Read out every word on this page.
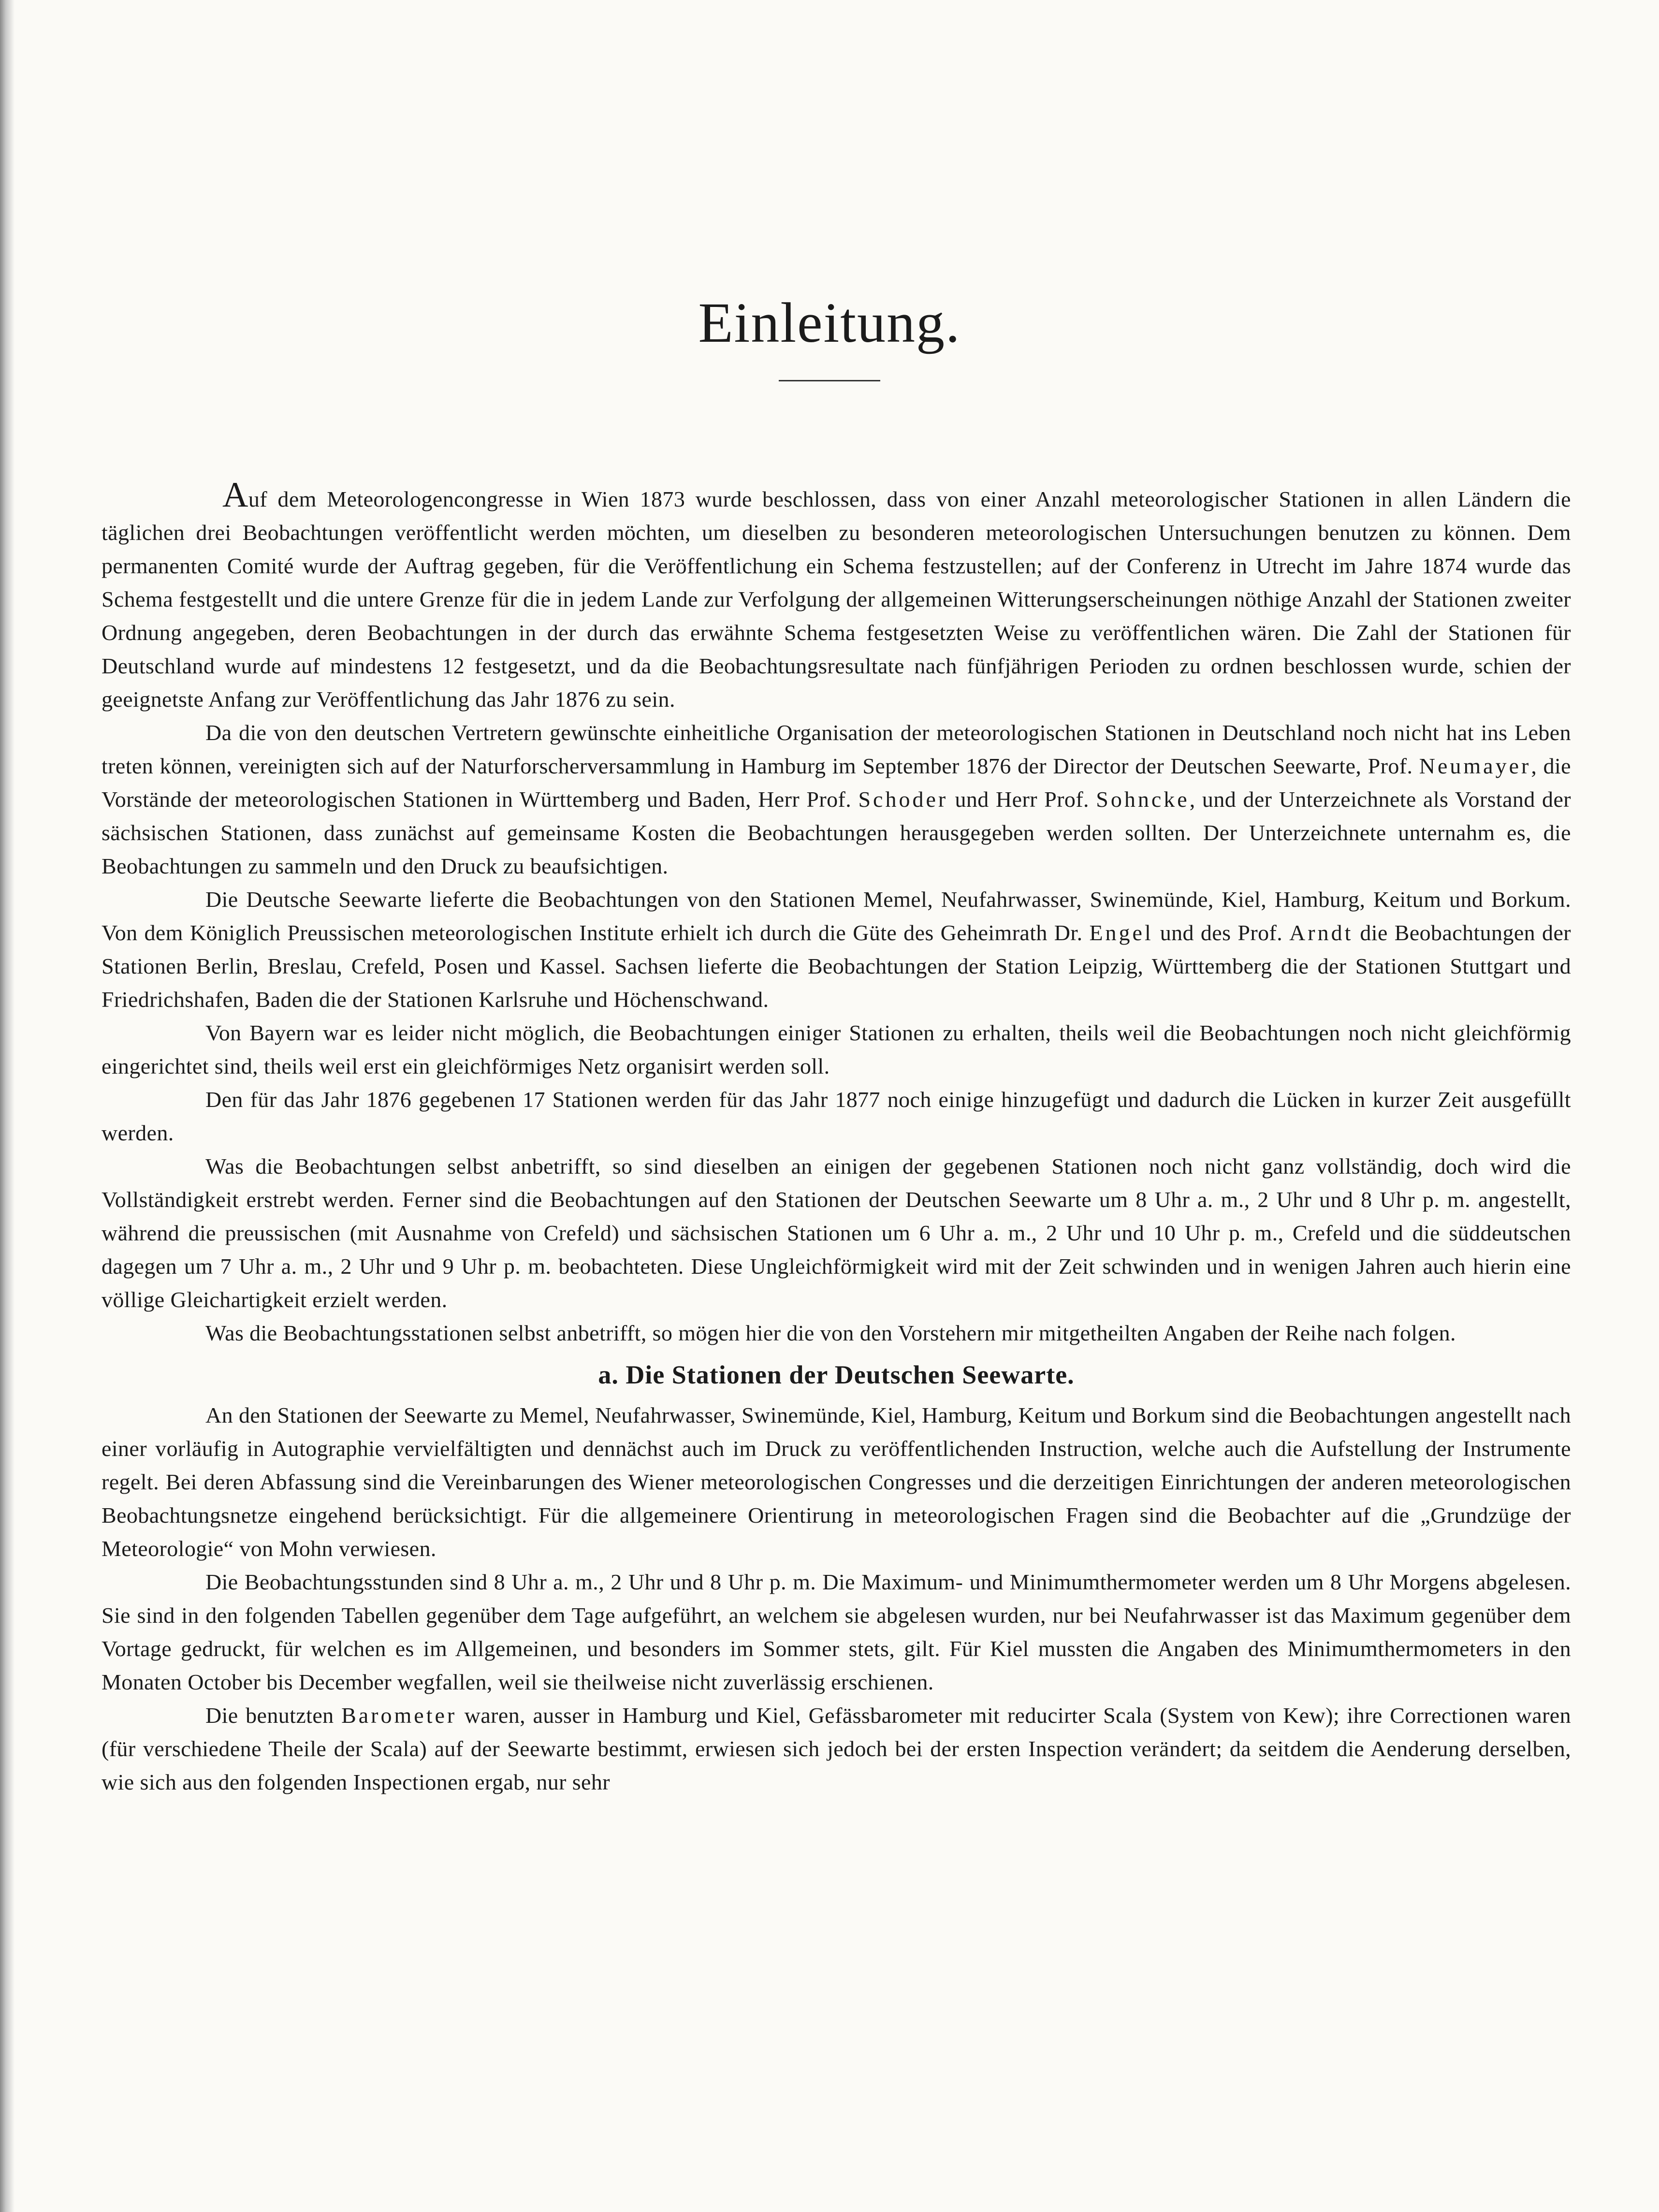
Einleitung.

Auf dem Meteorologencongresse in Wien 1873 wurde beschlossen, dass von einer Anzahl meteorologischer Stationen in allen Ländern die täglichen drei Beobachtungen veröffentlicht werden möchten, um dieselben zu besonderen meteorologischen Untersuchungen benutzen zu können. Dem permanenten Comité wurde der Auftrag gegeben, für die Veröffentlichung ein Schema festzustellen; auf der Conferenz in Utrecht im Jahre 1874 wurde das Schema festgestellt und die untere Grenze für die in jedem Lande zur Verfolgung der allgemeinen Witterungserscheinungen nöthige Anzahl der Stationen zweiter Ordnung angegeben, deren Beobachtungen in der durch das erwähnte Schema festgesetzten Weise zu veröffentlichen wären. Die Zahl der Stationen für Deutschland wurde auf mindestens 12 festgesetzt, und da die Beobachtungsresultate nach fünfjährigen Perioden zu ordnen beschlossen wurde, schien der geeignetste Anfang zur Veröffentlichung das Jahr 1876 zu sein.

Da die von den deutschen Vertretern gewünschte einheitliche Organisation der meteorologischen Stationen in Deutschland noch nicht hat ins Leben treten können, vereinigten sich auf der Naturforscherversammlung in Hamburg im September 1876 der Director der Deutschen Seewarte, Prof. Neumayer, die Vorstände der meteorologischen Stationen in Württemberg und Baden, Herr Prof. Schoder und Herr Prof. Sohncke, und der Unterzeichnete als Vorstand der sächsischen Stationen, dass zunächst auf gemeinsame Kosten die Beobachtungen herausgegeben werden sollten. Der Unterzeichnete unternahm es, die Beobachtungen zu sammeln und den Druck zu beaufsichtigen.

Die Deutsche Seewarte lieferte die Beobachtungen von den Stationen Memel, Neufahrwasser, Swinemünde, Kiel, Hamburg, Keitum und Borkum. Von dem Königlich Preussischen meteorologischen Institute erhielt ich durch die Güte des Geheimrath Dr. Engel und des Prof. Arndt die Beobachtungen der Stationen Berlin, Breslau, Crefeld, Posen und Kassel. Sachsen lieferte die Beobachtungen der Station Leipzig, Württemberg die der Stationen Stuttgart und Friedrichshafen, Baden die der Stationen Karlsruhe und Höchenschwand.

Von Bayern war es leider nicht möglich, die Beobachtungen einiger Stationen zu erhalten, theils weil die Beobachtungen noch nicht gleichförmig eingerichtet sind, theils weil erst ein gleichförmiges Netz organisirt werden soll.

Den für das Jahr 1876 gegebenen 17 Stationen werden für das Jahr 1877 noch einige hinzugefügt und dadurch die Lücken in kurzer Zeit ausgefüllt werden.

Was die Beobachtungen selbst anbetrifft, so sind dieselben an einigen der gegebenen Stationen noch nicht ganz vollständig, doch wird die Vollständigkeit erstrebt werden. Ferner sind die Beobachtungen auf den Stationen der Deutschen Seewarte um 8 Uhr a. m., 2 Uhr und 8 Uhr p. m. angestellt, während die preussischen (mit Ausnahme von Crefeld) und sächsischen Stationen um 6 Uhr a. m., 2 Uhr und 10 Uhr p. m., Crefeld und die süddeutschen dagegen um 7 Uhr a. m., 2 Uhr und 9 Uhr p. m. beobachteten. Diese Ungleichförmigkeit wird mit der Zeit schwinden und in wenigen Jahren auch hierin eine völlige Gleichartigkeit erzielt werden.

Was die Beobachtungsstationen selbst anbetrifft, so mögen hier die von den Vorstehern mir mitgetheilten Angaben der Reihe nach folgen.

a. Die Stationen der Deutschen Seewarte.

An den Stationen der Seewarte zu Memel, Neufahrwasser, Swinemünde, Kiel, Hamburg, Keitum und Borkum sind die Beobachtungen angestellt nach einer vorläufig in Autographie vervielfältigten und dennächst auch im Druck zu veröffentlichenden Instruction, welche auch die Aufstellung der Instrumente regelt. Bei deren Abfassung sind die Vereinbarungen des Wiener meteorologischen Congresses und die derzeitigen Einrichtungen der anderen meteorologischen Beobachtungsnetze eingehend berücksichtigt. Für die allgemeinere Orientirung in meteorologischen Fragen sind die Beobachter auf die „Grundzüge der Meteorologie“ von Mohn verwiesen.

Die Beobachtungsstunden sind 8 Uhr a. m., 2 Uhr und 8 Uhr p. m. Die Maximum- und Minimumthermometer werden um 8 Uhr Morgens abgelesen. Sie sind in den folgenden Tabellen gegenüber dem Tage aufgeführt, an welchem sie abgelesen wurden, nur bei Neufahrwasser ist das Maximum gegenüber dem Vortage gedruckt, für welchen es im Allgemeinen, und besonders im Sommer stets, gilt. Für Kiel mussten die Angaben des Minimumthermometers in den Monaten October bis December wegfallen, weil sie theilweise nicht zuverlässig erschienen.

Die benutzten Barometer waren, ausser in Hamburg und Kiel, Gefässbarometer mit reducirter Scala (System von Kew); ihre Correctionen waren (für verschiedene Theile der Scala) auf der Seewarte bestimmt, erwiesen sich jedoch bei der ersten Inspection verändert; da seitdem die Aenderung derselben, wie sich aus den folgenden Inspectionen ergab, nur sehr
